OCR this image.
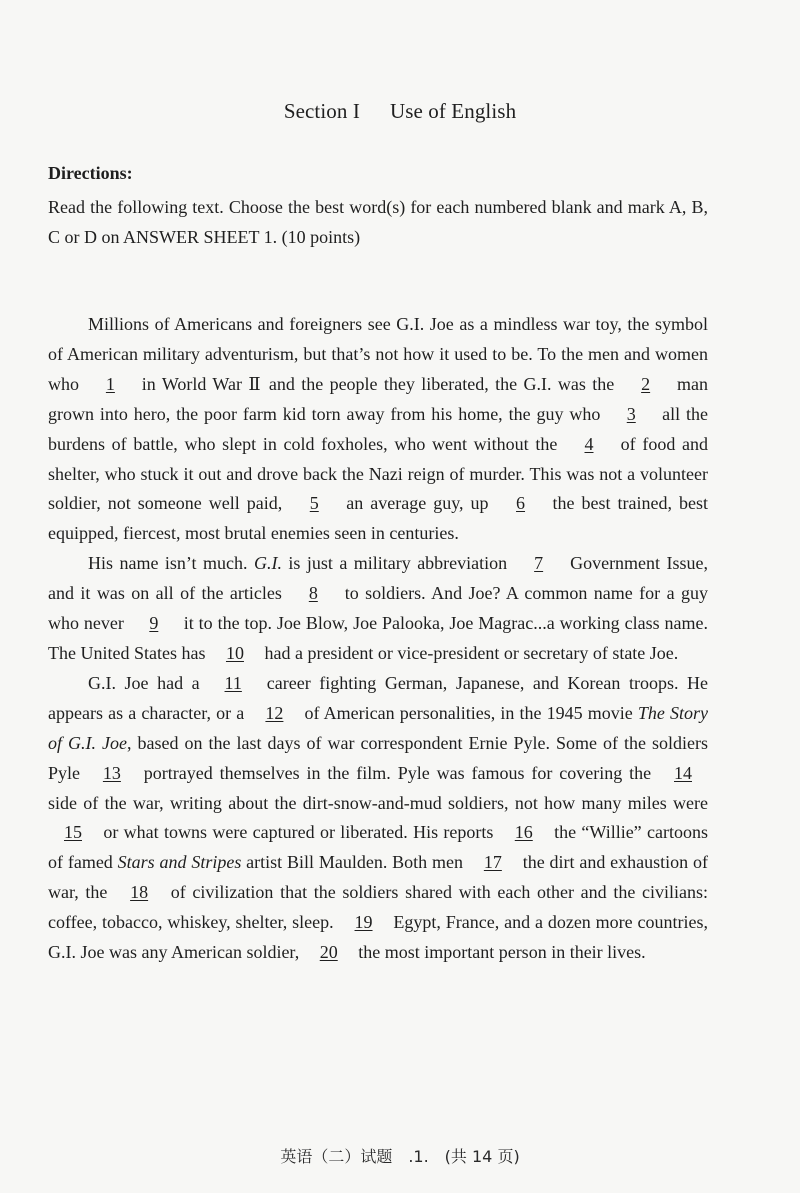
Section I Use of English
Directions:
Read the following text. Choose the best word(s) for each numbered blank and mark A, B, C or D on ANSWER SHEET 1. (10 points)

Millions of Americans and foreigners see G.I. Joe as a mindless war toy, the symbol of American military adventurism, but that’s not how it used to be. To the men and women who 1 in World War Ⅱ and the people they liberated, the G.I. was the 2 man grown into hero, the poor farm kid torn away from his home, the guy who 3 all the burdens of battle, who slept in cold foxholes, who went without the 4 of food and shelter, who stuck it out and drove back the Nazi reign of murder. This was not a volunteer soldier, not someone well paid, 5 an average guy, up 6 the best trained, best equipped, fiercest, most brutal enemies seen in centuries.

His name isn’t much. G.I. is just a military abbreviation 7 Government Issue, and it was on all of the articles 8 to soldiers. And Joe? A common name for a guy who never 9 it to the top. Joe Blow, Joe Palooka, Joe Magrac...a working class name. The United States has 10 had a president or vice-president or secretary of state Joe.

G.I. Joe had a 11 career fighting German, Japanese, and Korean troops. He appears as a character, or a 12 of American personalities, in the 1945 movie The Story of G.I. Joe, based on the last days of war correspondent Ernie Pyle. Some of the soldiers Pyle 13 portrayed themselves in the film. Pyle was famous for covering the 14 side of the war, writing about the dirt-snow-and-mud soldiers, not how many miles were 15 or what towns were captured or liberated. His reports 16 the “Willie” cartoons of famed Stars and Stripes artist Bill Maulden. Both men 17 the dirt and exhaustion of war, the 18 of civilization that the soldiers shared with each other and the civilians: coffee, tobacco, whiskey, shelter, sleep. 19 Egypt, France, and a dozen more countries, G.I. Joe was any American soldier, 20 the most important person in their lives.

英语（二）试题　.1.　(共 14 页)
